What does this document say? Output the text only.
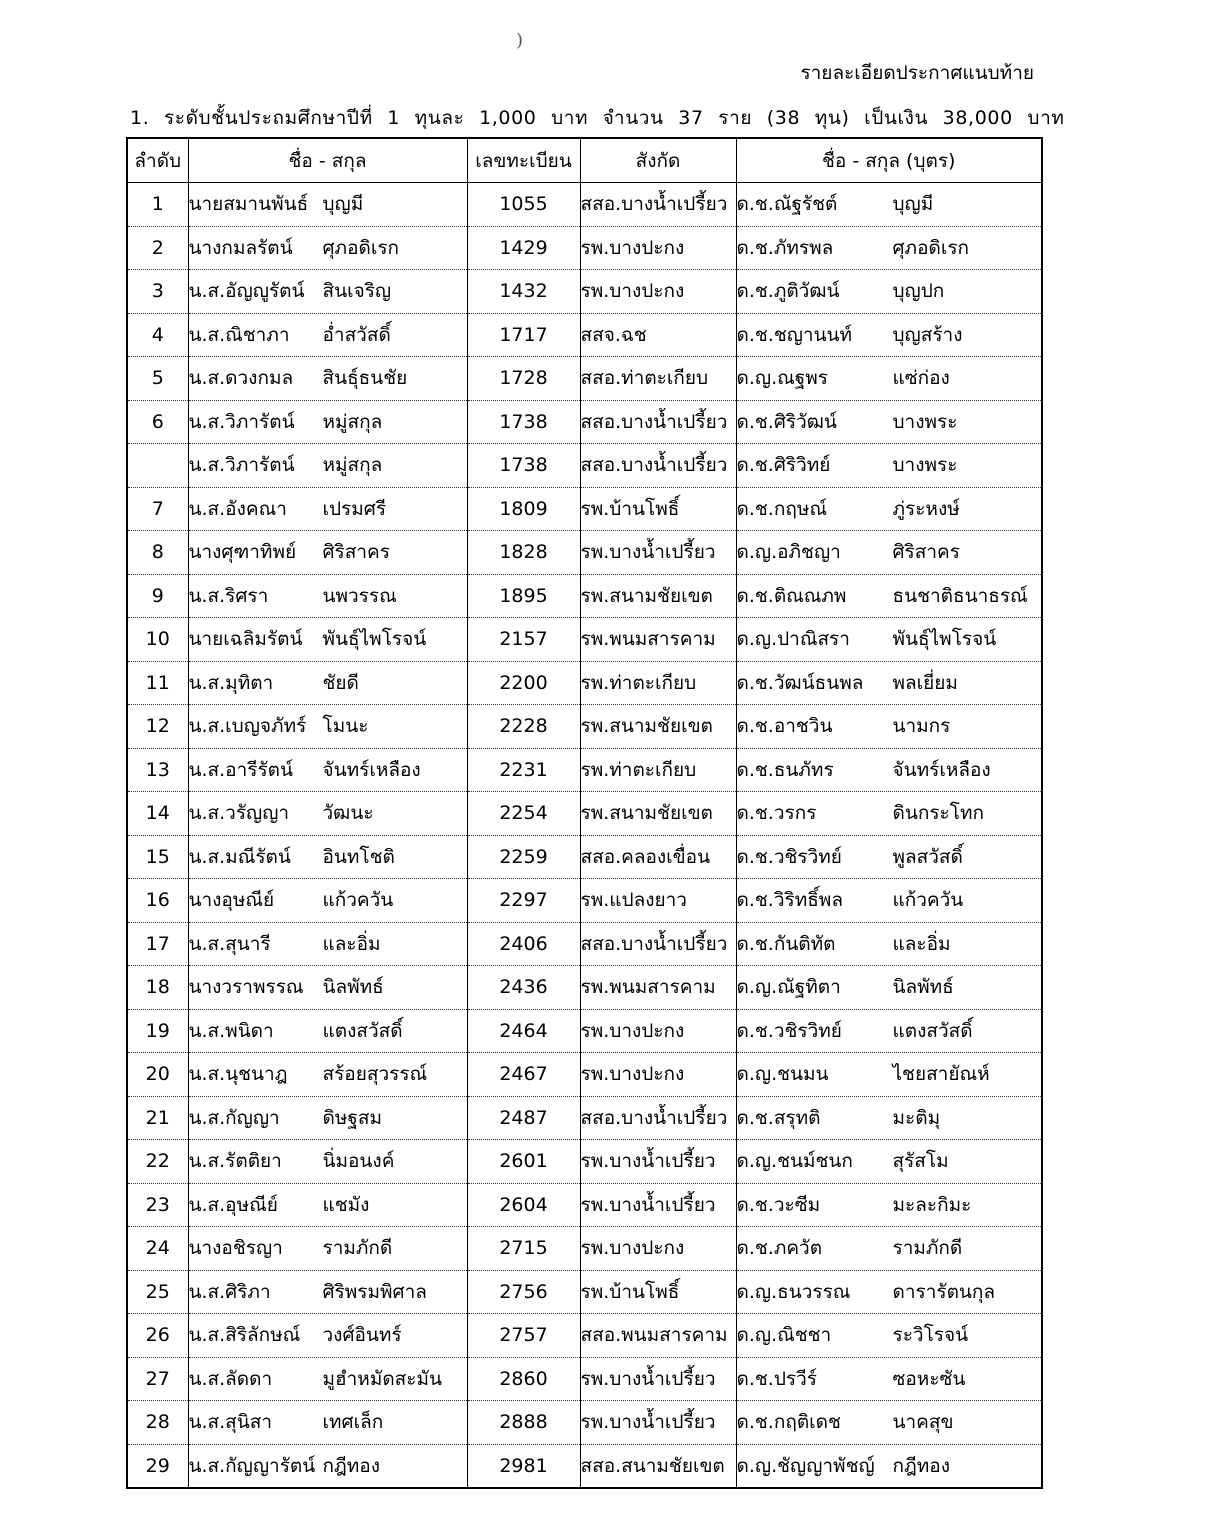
)
รายละเอียดประกาศแนบท้าย
1. ระดับชั้นประถมศึกษาปีที่ 1 ทุนละ 1,000 บาท จำนวน 37 ราย (38 ทุน) เป็นเงิน 38,000 บาท
ลำดับ	ชื่อ - สกุล	เลขทะเบียน	สังกัด	ชื่อ - สกุล (บุตร)
1	นายสมานพันธ์ บุญมี	1055	สสอ.บางน้ำเปรี้ยว	ด.ช.ณัฐรัชต์ บุญมี
2	นางกมลรัตน์ ศุภอดิเรก	1429	รพ.บางปะกง	ด.ช.ภัทรพล ศุภอดิเรก
3	น.ส.อัญญูรัตน์ สินเจริญ	1432	รพ.บางปะกง	ด.ช.ภูติวัฒน์ บุญปก
4	น.ส.ณิชาภา อ่ำสวัสดิ์	1717	สสจ.ฉช	ด.ช.ชญานนท์ บุญสร้าง
5	น.ส.ดวงกมล สินธุ์ธนชัย	1728	สสอ.ท่าตะเกียบ	ด.ญ.ณฐพร แซ่ก่อง
6	น.ส.วิภารัตน์ หมู่สกุล	1738	สสอ.บางน้ำเปรี้ยว	ด.ช.ศิริวัฒน์ บางพระ
	น.ส.วิภารัตน์ หมู่สกุล	1738	สสอ.บางน้ำเปรี้ยว	ด.ช.ศิริวิทย์ บางพระ
7	น.ส.อังคณา เปรมศรี	1809	รพ.บ้านโพธิ์	ด.ช.กฤษณ์ ภู่ระหงษ์
8	นางศุฑาทิพย์ ศิริสาคร	1828	รพ.บางน้ำเปรี้ยว	ด.ญ.อภิชญา ศิริสาคร
9	น.ส.ริศรา นพวรรณ	1895	รพ.สนามชัยเขต	ด.ช.ติณณภพ ธนชาติธนาธรณ์
10	นายเฉลิมรัตน์ พันธุ์ไพโรจน์	2157	รพ.พนมสารคาม	ด.ญ.ปาณิสรา พันธุ์ไพโรจน์
11	น.ส.มุทิตา ชัยดี	2200	รพ.ท่าตะเกียบ	ด.ช.วัฒน์ธนพล พลเยี่ยม
12	น.ส.เบญจภัทร์ โมนะ	2228	รพ.สนามชัยเขต	ด.ช.อาชวิน นามกร
13	น.ส.อารีรัตน์ จันทร์เหลือง	2231	รพ.ท่าตะเกียบ	ด.ช.ธนภัทร จันทร์เหลือง
14	น.ส.วรัญญา วัฒนะ	2254	รพ.สนามชัยเขต	ด.ช.วรกร ดินกระโทก
15	น.ส.มณีรัตน์ อินทโชติ	2259	สสอ.คลองเขื่อน	ด.ช.วชิรวิทย์ พูลสวัสดิ์
16	นางอุษณีย์ แก้วควัน	2297	รพ.แปลงยาว	ด.ช.วิริทธิ์พล แก้วควัน
17	น.ส.สุนารี และอิ่ม	2406	สสอ.บางน้ำเปรี้ยว	ด.ช.กันติทัต และอิ่ม
18	นางวราพรรณ นิลพัทธ์	2436	รพ.พนมสารคาม	ด.ญ.ณัฐทิตา นิลพัทธ์
19	น.ส.พนิดา แตงสวัสดิ์	2464	รพ.บางปะกง	ด.ช.วชิรวิทย์ แตงสวัสดิ์
20	น.ส.นุชนาฎ สร้อยสุวรรณ์	2467	รพ.บางปะกง	ด.ญ.ชนมน ไชยสายัณห์
21	น.ส.กัญญา ดิษฐสม	2487	สสอ.บางน้ำเปรี้ยว	ด.ช.สรุทติ มะติมุ
22	น.ส.รัตติยา นิ่มอนงค์	2601	รพ.บางน้ำเปรี้ยว	ด.ญ.ชนม์ชนก สุรัสโม
23	น.ส.อุษณีย์ แชมัง	2604	รพ.บางน้ำเปรี้ยว	ด.ช.วะซีม มะละกิมะ
24	นางอชิรญา รามภักดี	2715	รพ.บางปะกง	ด.ช.ภควัต รามภักดี
25	น.ส.ศิริภา ศิริพรมพิศาล	2756	รพ.บ้านโพธิ์	ด.ญ.ธนวรรณ ดารารัตนกุล
26	น.ส.สิริลักษณ์ วงศ์อินทร์	2757	สสอ.พนมสารคาม	ด.ญ.ณิชชา ระวิโรจน์
27	น.ส.ลัดดา มูฮำหมัดสะมัน	2860	รพ.บางน้ำเปรี้ยว	ด.ช.ปรวีร์ ซอหะซัน
28	น.ส.สุนิสา เทศเล็ก	2888	รพ.บางน้ำเปรี้ยว	ด.ช.กฤติเดช นาคสุข
29	น.ส.กัญญารัตน์ กฎีทอง	2981	สสอ.สนามชัยเขต	ด.ญ.ชัญญาพัชญ์ กฎีทอง
